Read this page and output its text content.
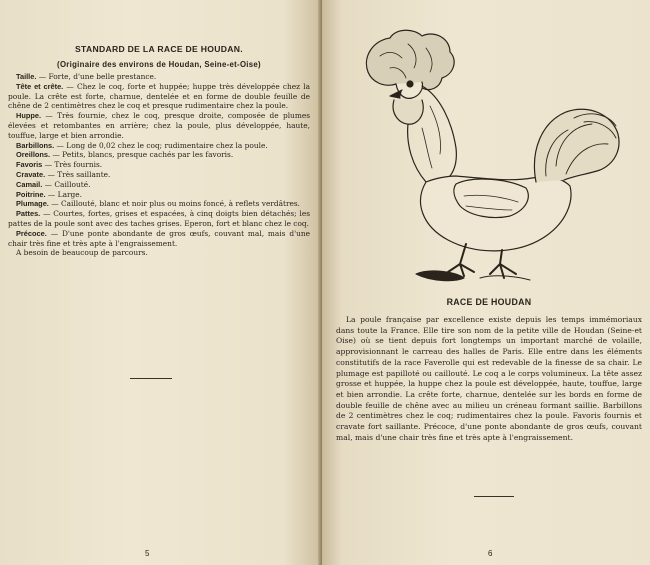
STANDARD DE LA RACE DE HOUDAN.

(Originaire des environs de Houdan, Seine-et-Oise)

Taille. — Forte, d'une belle prestance.

Tête et crête. — Chez le coq, forte et huppée; huppe très développée chez la poule. La crête est forte, charnue, dentelée et en forme de double feuille de chêne de 2 centimètres chez le coq et presque rudimentaire chez la poule.

Huppe. — Très fournie, chez le coq, presque droite, composée de plumes élevées et retombantes en arrière; chez la poule, plus développée, haute, touffue, large et bien arrondie.

Barbillons. — Long de 0,02 chez le coq; rudimentaire chez la poule.

Oreillons. — Petits, blancs, presque cachés par les favoris.

Favoris — Très fournis.

Cravate. — Très saillante.

Camail. — Caillouté.

Poitrine. — Large.

Plumage. — Caillouté, blanc et noir plus ou moins foncé, à reflets verdâtres.

Pattes. — Courtes, fortes, grises et espacées, à cinq doigts bien détachés; les pattes de la poule sont avec des taches grises. Eperon, fort et blanc chez le coq.

Précoce. — D'une ponte abondante de gros œufs, couvant mal, mais d'une chair très fine et très apte à l'engraissement.

A besoin de beaucoup de parcours.

5

RACE DE HOUDAN

La poule française par excellence existe depuis les temps immémoriaux dans toute la France. Elle tire son nom de la petite ville de Houdan (Seine-et Oise) où se tient depuis fort longtemps un important marché de volaille, approvisionnant le carreau des halles de Paris. Elle entre dans les éléments constitutifs de la race Faverolle qui est redevable de la finesse de sa chair. Le plumage est papilloté ou caillouté. Le coq a le corps volumineux. La tête assez grosse et huppée, la huppe chez la poule est développée, haute, touffue, large et bien arrondie. La crête forte, charnue, dentelée sur les bords en forme de double feuille de chêne avec au milieu un créneau formant saillie. Barbillons de 2 centimètres chez le coq; rudimentaires chez la poule. Favoris fournis et cravate fort saillante. Précoce, d'une ponte abondante de gros œufs, couvant mal, mais d'une chair très fine et très apte à l'engraissement.

6
